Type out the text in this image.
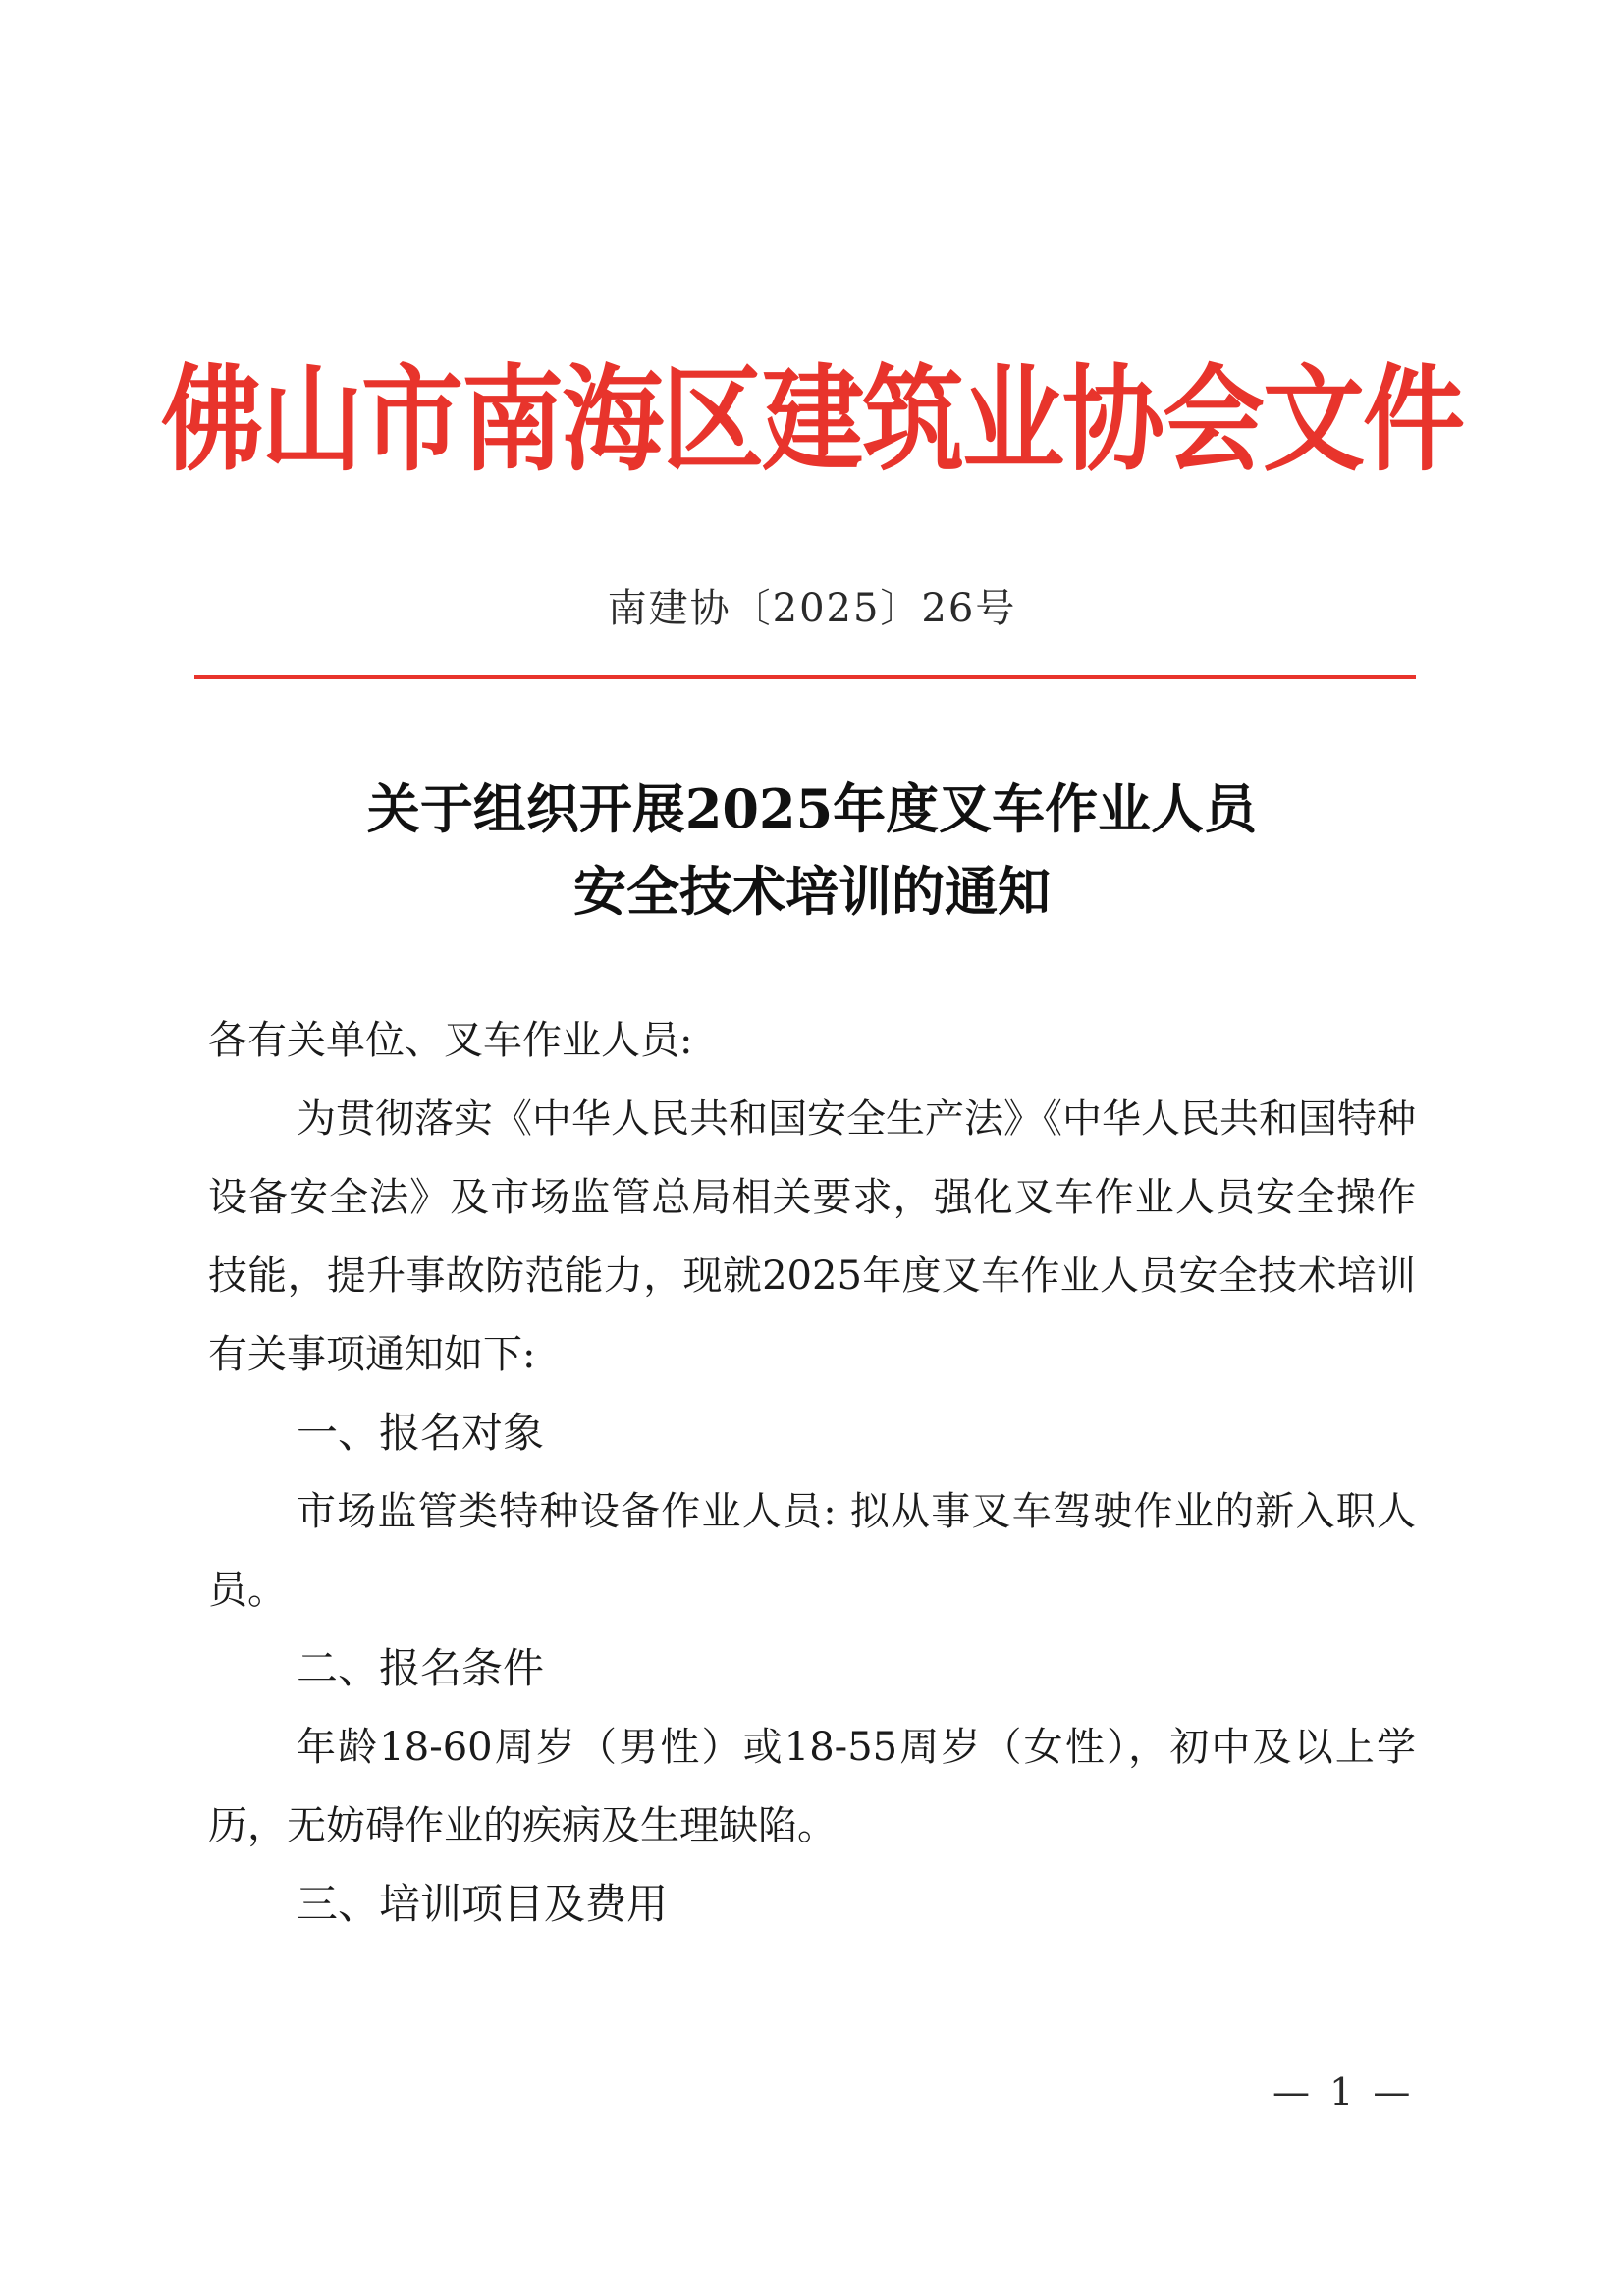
佛山市南海区建筑业协会文件
南建协〔2025〕26号
关于组织开展2025年度叉车作业人员
安全技术培训的通知
各有关单位、叉车作业人员:
为贯彻落实《中华人民共和国安全生产法》《中华人民共和国特种设备安全法》及市场监管总局相关要求，强化叉车作业人员安全操作技能，提升事故防范能力，现就2025年度叉车作业人员安全技术培训有关事项通知如下:
一、报名对象
市场监管类特种设备作业人员: 拟从事叉车驾驶作业的新入职人员。
二、报名条件
年龄18-60周岁（男性）或18-55周岁（女性），初中及以上学历，无妨碍作业的疾病及生理缺陷。
三、培训项目及费用
— 1 —
